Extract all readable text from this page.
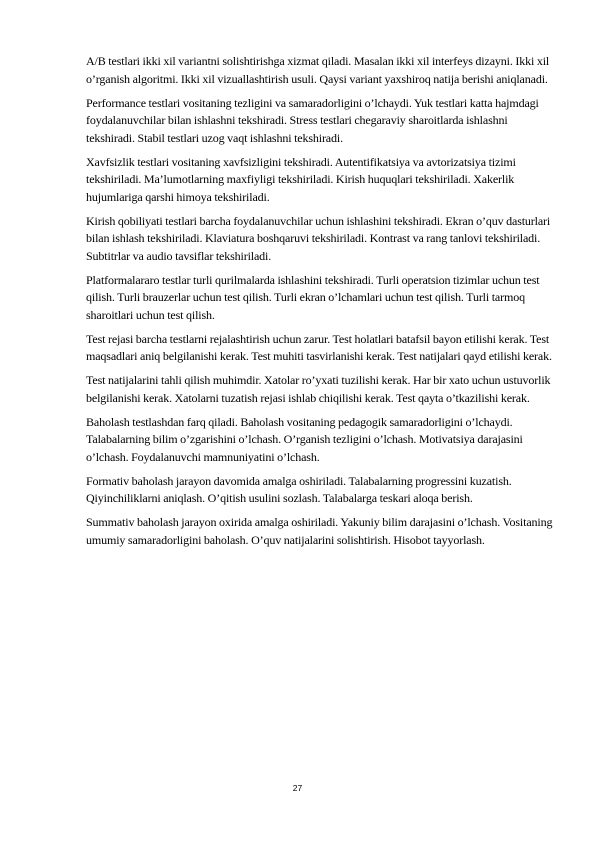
A/B testlari ikki xil variantni solishtirishga xizmat qiladi. Masalan ikki xil interfeys dizayni. Ikki xil o’rganish algoritmi. Ikki xil vizuallashtirish usuli. Qaysi variant yaxshiroq natija berishi aniqlanadi.

Performance testlari vositaning tezligini va samaradorligini o’lchaydi. Yuk testlari katta hajmdagi foydalanuvchilar bilan ishlashni tekshiradi. Stress testlari chegaraviy sharoitlarda ishlashni tekshiradi. Stabil testlari uzog vaqt ishlashni tekshiradi.

Xavfsizlik testlari vositaning xavfsizligini tekshiradi. Autentifikatsiya va avtorizatsiya tizimi tekshiriladi. Ma’lumotlarning maxfiyligi tekshiriladi. Kirish huquqlari tekshiriladi. Xakerlik hujumlariga qarshi himoya tekshiriladi.

Kirish qobiliyati testlari barcha foydalanuvchilar uchun ishlashini tekshiradi. Ekran o’quv dasturlari bilan ishlash tekshiriladi. Klaviatura boshqaruvi tekshiriladi. Kontrast va rang tanlovi tekshiriladi. Subtitrlar va audio tavsiflar tekshiriladi.

Platformalararo testlar turli qurilmalarda ishlashini tekshiradi. Turli operatsion tizimlar uchun test qilish. Turli brauzerlar uchun test qilish. Turli ekran o’lchamlari uchun test qilish. Turli tarmoq sharoitlari uchun test qilish.

Test rejasi barcha testlarni rejalashtirish uchun zarur. Test holatlari batafsil bayon etilishi kerak. Test maqsadlari aniq belgilanishi kerak. Test muhiti tasvirlanishi kerak. Test natijalari qayd etilishi kerak.

Test natijalarini tahli qilish muhimdir. Xatolar ro’yxati tuzilishi kerak. Har bir xato uchun ustuvorlik belgilanishi kerak. Xatolarni tuzatish rejasi ishlab chiqilishi kerak. Test qayta o’tkazilishi kerak.

Baholash testlashdan farq qiladi. Baholash vositaning pedagogik samaradorligini o’lchaydi. Talabalarning bilim o’zgarishini o’lchash. O’rganish tezligini o’lchash. Motivatsiya darajasini o’lchash. Foydalanuvchi mamnuniyatini o’lchash.

Formativ baholash jarayon davomida amalga oshiriladi. Talabalarning progressini kuzatish. Qiyinchiliklarni aniqlash. O’qitish usulini sozlash. Talabalarga teskari aloqa berish.

Summativ baholash jarayon oxirida amalga oshiriladi. Yakuniy bilim darajasini o’lchash. Vositaning umumiy samaradorligini baholash. O’quv natijalarini solishtirish. Hisobot tayyorlash.

27
